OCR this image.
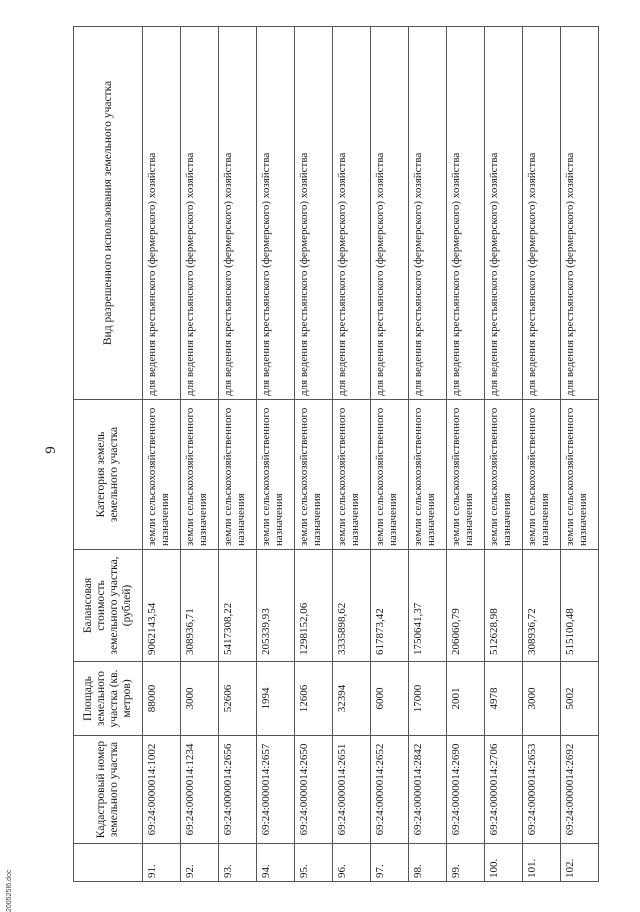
9
	Кадастровый номер земельного участка	Площадь земельного участка (кв. метров)	Балансовая стоимость земельного участка, (рублей)	Категория земель земельного участка	Вид разрешенного использования земельного участка
91.	69:24:0000014:1002	88000	9062143,54	земли сельскохозяйственного назначения	для ведения крестьянского (фермерского) хозяйства
92.	69:24:0000014:1234	3000	308936,71	земли сельскохозяйственного назначения	для ведения крестьянского (фермерского) хозяйства
93.	69:24:0000014:2656	52606	5417308,22	земли сельскохозяйственного назначения	для ведения крестьянского (фермерского) хозяйства
94.	69:24:0000014:2657	1994	205339,93	земли сельскохозяйственного назначения	для ведения крестьянского (фермерского) хозяйства
95.	69:24:0000014:2650	12606	1298152,06	земли сельскохозяйственного назначения	для ведения крестьянского (фермерского) хозяйства
96.	69:24:0000014:2651	32394	3335898,62	земли сельскохозяйственного назначения	для ведения крестьянского (фермерского) хозяйства
97.	69:24:0000014:2652	6000	617873,42	земли сельскохозяйственного назначения	для ведения крестьянского (фермерского) хозяйства
98.	69:24:0000014:2842	17000	1750641,37	земли сельскохозяйственного назначения	для ведения крестьянского (фермерского) хозяйства
99.	69:24:0000014:2690	2001	206060,79	земли сельскохозяйственного назначения	для ведения крестьянского (фермерского) хозяйства
100.	69:24:0000014:2706	4978	512628,98	земли сельскохозяйственного назначения	для ведения крестьянского (фермерского) хозяйства
101.	69:24:0000014:2653	3000	308936,72	земли сельскохозяйственного назначения	для ведения крестьянского (фермерского) хозяйства
102.	69:24:0000014:2692	5002	515100,48	земли сельскохозяйственного назначения	для ведения крестьянского (фермерского) хозяйства
200525І6.doc
